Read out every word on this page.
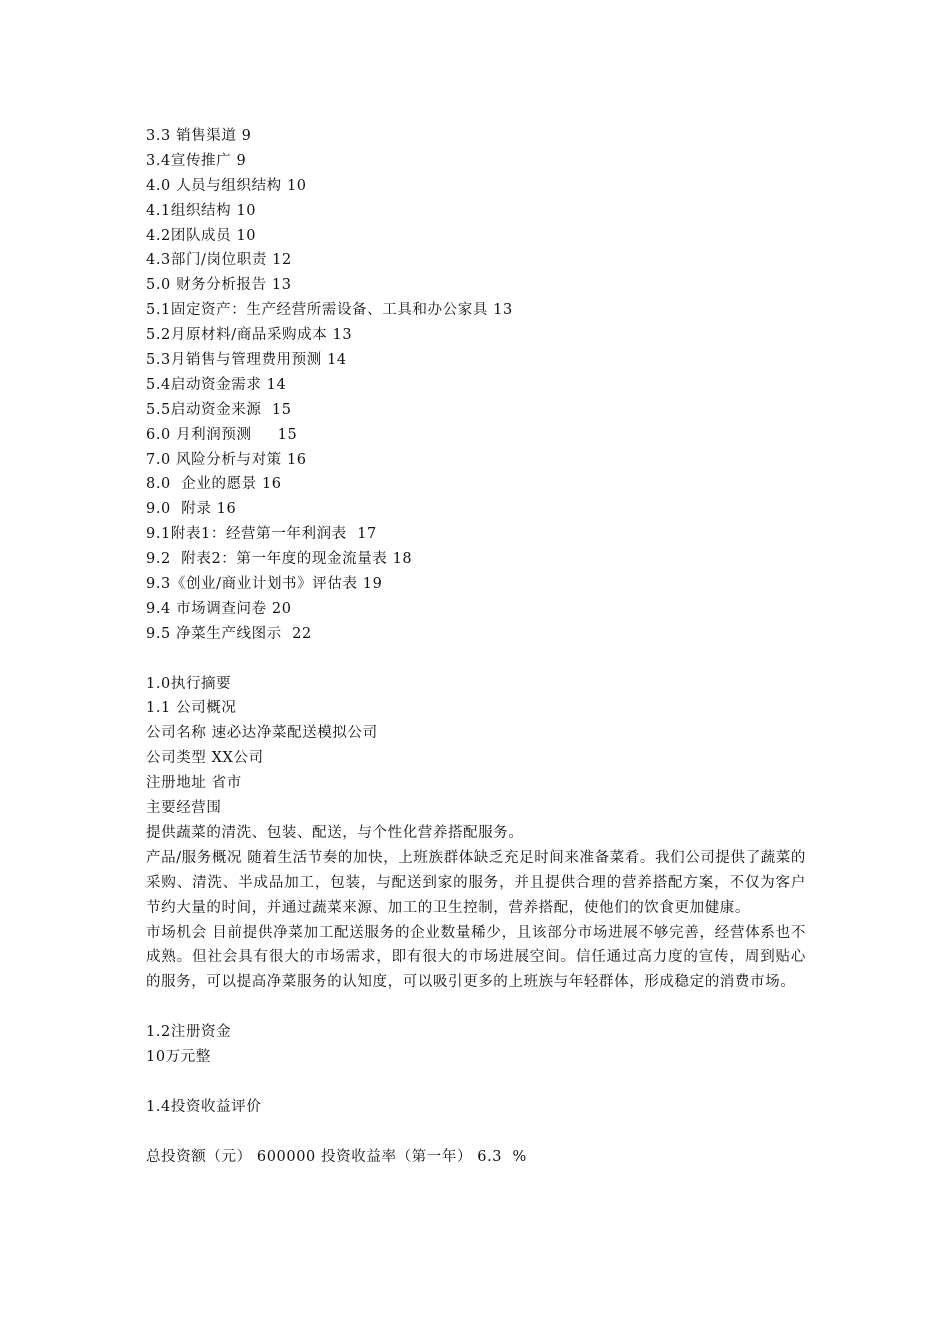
3.3 销售渠道 9
3.4宣传推广 9
4.0 人员与组织结构 10
4.1组织结构 10
4.2团队成员 10
4.3部门/岗位职责 12
5.0 财务分析报告 13
5.1固定资产：生产经营所需设备、工具和办公家具 13
5.2月原材料/商品采购成本 13
5.3月销售与管理费用预测 14
5.4启动资金需求 14
5.5启动资金来源  15
6.0 月利润预测     15
7.0 风险分析与对策 16
8.0  企业的愿景 16
9.0  附录 16
9.1附表1：经营第一年利润表  17
9.2  附表2：第一年度的现金流量表 18
9.3《创业/商业计划书》评估表 19
9.4 市场调查问卷 20
9.5 净菜生产线图示  22
1.0执行摘要
1.1 公司概况
公司名称 速必达净菜配送模拟公司
公司类型 XX公司
注册地址 省市
主要经营围
提供蔬菜的清洗、包装、配送，与个性化营养搭配服务。
产品/服务概况 随着生活节奏的加快，上班族群体缺乏充足时间来准备菜肴。我们公司提供了蔬菜的采购、清洗、半成品加工，包装，与配送到家的服务，并且提供合理的营养搭配方案，不仅为客户节约大量的时间，并通过蔬菜来源、加工的卫生控制，营养搭配，使他们的饮食更加健康。
市场机会 目前提供净菜加工配送服务的企业数量稀少，且该部分市场进展不够完善，经营体系也不成熟。但社会具有很大的市场需求，即有很大的市场进展空间。信任通过高力度的宣传，周到贴心的服务，可以提高净菜服务的认知度，可以吸引更多的上班族与年轻群体，形成稳定的消费市场。
1.2注册资金
10万元整
1.4投资收益评价
总投资额（元） 600000 投资收益率（第一年） 6.3  %
